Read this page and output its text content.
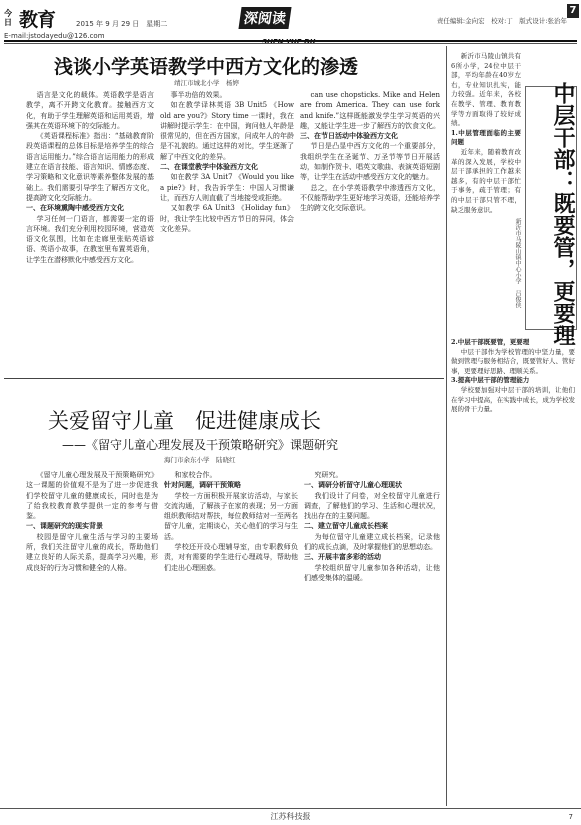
今日 教育	2015 年 9 月 29 日　星期二
E-mail:jstodayedu@126.com
深阅读
SHEN YUE DU
责任编辑:金向宏　校对:丁　版式设计:张治年
7
浅谈小学英语教学中西方文化的渗透
靖江市城北小学　杨婷

语言是文化的载体。英语教学是语言教学，离不开跨文化教育。接触西方文化，有助于学生理解英语和运用英语，增强其在英语环境下的交际能力。

《英语课程标准》指出：“基础教育阶段英语课程的总体目标是培养学生的综合语言运用能力。”综合语言运用能力的形成建立在语言技能、语言知识、情感态度、学习策略和文化意识等素养整体发展的基础上。我们需要引导学生了解西方文化，提高跨文化交际能力。

一、在环境熏陶中感受西方文化

学习任何一门语言，都需要一定的语言环境。我们充分利用校园环境，营造英语文化氛围，比如在走廊里张贴英语谚语、英语小故事，在教室里布置英语角，让学生在潜移默化中感受西方文化。

事半功倍的效果。

如在教学译林英语 3B Unit5 《How old are you?》Story time 一课时，我在讲解时提示学生：在中国，询问他人年龄是很常见的，但在西方国家，问成年人的年龄是不礼貌的。通过这样的对比，学生逐渐了解了中西文化的差异。

二、在课堂教学中体验西方文化

如在教学 3A Unit7 《Would you like a pie?》时，我告诉学生：中国人习惯谦让，而西方人则直截了当地接受或拒绝。

又如教学 6A Unit3 《Holiday fun》时，我让学生比较中西方节日的异同，体会文化差异。

can use chopsticks. Mike and Helen are from America. They can use fork and knife.”这样既能激发学生学习英语的兴趣，又能让学生进一步了解西方的饮食文化。

三、在节日活动中体验西方文化

节日是凸显中西方文化的一个重要部分，我组织学生在圣诞节、万圣节等节日开展活动，如制作贺卡、唱英文歌曲、表演英语短剧等，让学生在活动中感受西方文化的魅力。

总之，在小学英语教学中渗透西方文化，不仅能帮助学生更好地学习英语，还能培养学生的跨文化交际意识。

关爱留守儿童　促进健康成长
——《留守儿童心理发展及干预策略研究》课题研究
海门市余东小学　陆晓红

《留守儿童心理发展及干预策略研究》这一课题的价值观不是为了进一步促进我们学校留守儿童的健康成长，同时也是为了给我校教育教学提供一定的参考与借鉴。

一、课题研究的现实背景

校园是留守儿童生活与学习的主要场所，我们关注留守儿童的成长，帮助他们建立良好的人际关系，提高学习兴趣，形成良好的行为习惯和健全的人格。

和家校合作。

针对问题，调研干预策略

学校一方面积极开展家访活动，与家长交流沟通，了解孩子在家的表现；另一方面组织教师结对帮扶，每位教师结对一至两名留守儿童，定期谈心，关心他们的学习与生活。

学校还开设心理辅导室，由专职教师负责，对有需要的学生进行心理疏导，帮助他们走出心理困惑。

究研究。

一、调研分析留守儿童心理现状

我们设计了问卷，对全校留守儿童进行调查，了解他们的学习、生活和心理状况，找出存在的主要问题。

二、建立留守儿童成长档案

为每位留守儿童建立成长档案，记录他们的成长点滴，及时掌握他们的思想动态。

三、开展丰富多彩的活动

学校组织留守儿童参加各种活动，让他们感受集体的温暖。

中层干部：既要管，更要理
新沂市马陵山镇中心小学　吕俊侠

新沂市马陵山镇共有6所小学，24位中层干部，平均年龄在40岁左右，专业知识扎实，能力较强。近年来，各校在教学、管理、教育教学等方面取得了较好成绩。

1.中层管理面临的主要问题

近年来，随着教育改革的深入发展，学校中层干部承担的工作越来越多，有的中层干部忙于事务，疏于管理；有的中层干部只管不理，缺乏服务意识。

2.中层干部既要管，更要理

中层干部作为学校管理的中坚力量，要做到管理与服务相结合，既要管好人、管好事，更要理好思路、理顺关系。

3.提高中层干部的管理能力

学校要加强对中层干部的培训，让他们在学习中提高，在实践中成长，成为学校发展的骨干力量。

江苏科技报	7
